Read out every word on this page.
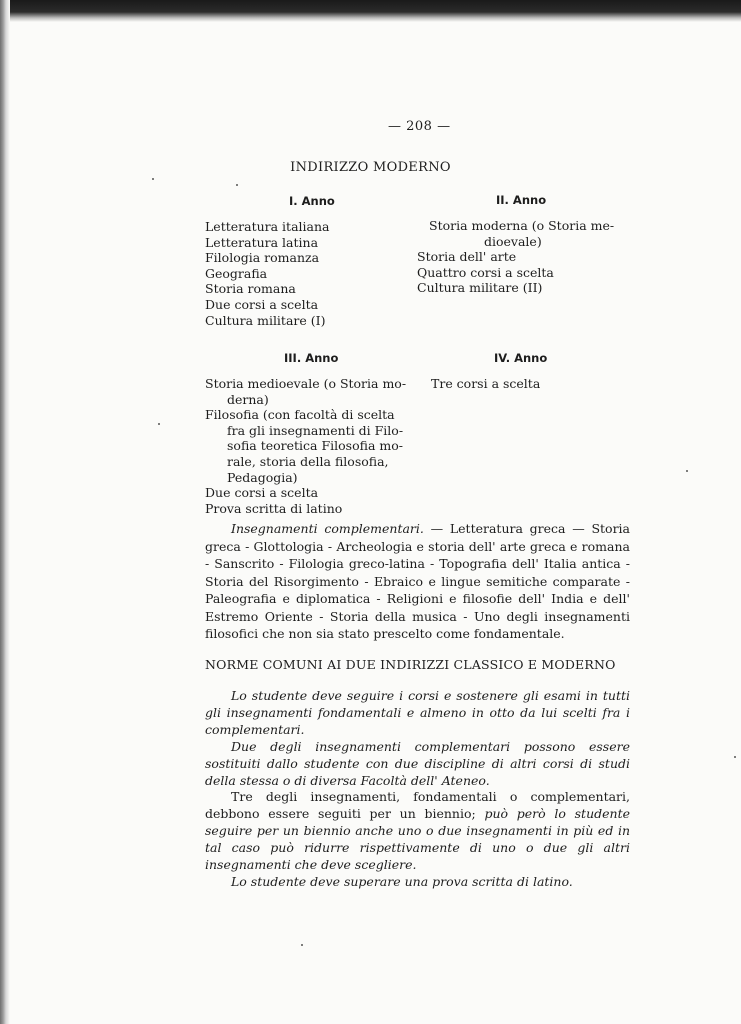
— 208 —
INDIRIZZO MODERNO
I. Anno
Letteratura italiana
Letteratura latina
Filologia romanza
Geografia
Storia romana
Due corsi a scelta
Cultura militare (I)
II. Anno
Storia moderna (o Storia me-
dioevale)
Storia dell' arte
Quattro corsi a scelta
Cultura militare (II)
III. Anno
Storia medioevale (o Storia mo-
derna)
Filosofia (con facoltà di scelta
fra gli insegnamenti di Filo-
sofia teoretica Filosofia mo-
rale, storia della filosofia,
Pedagogia)
Due corsi a scelta
Prova scritta di latino
IV. Anno
Tre corsi a scelta
Insegnamenti complementari. — Letteratura greca — Storia greca - Glottologia - Archeologia e storia dell' arte greca e romana - Sanscrito - Filologia greco-latina - Topografia dell' Italia antica - Storia del Risorgimento - Ebraico e lingue semitiche comparate - Paleografia e diplomatica - Religioni e filosofie dell' India e dell' Estremo Oriente - Storia della musica - Uno degli insegnamenti filosofici che non sia stato prescelto come fondamentale.
NORME COMUNI AI DUE INDIRIZZI CLASSICO E MODERNO

Lo studente deve seguire i corsi e sostenere gli esami in tutti gli insegnamenti fondamentali e almeno in otto da lui scelti fra i complementari.

Due degli insegnamenti complementari possono essere sostituiti dallo studente con due discipline di altri corsi di studi della stessa o di diversa Facoltà dell' Ateneo.

Tre degli insegnamenti, fondamentali o complementari, debbono essere seguiti per un biennio; può però lo studente seguire per un biennio anche uno o due insegnamenti in più ed in tal caso può ridurre rispettivamente di uno o due gli altri insegnamenti che deve scegliere.

Lo studente deve superare una prova scritta di latino.
